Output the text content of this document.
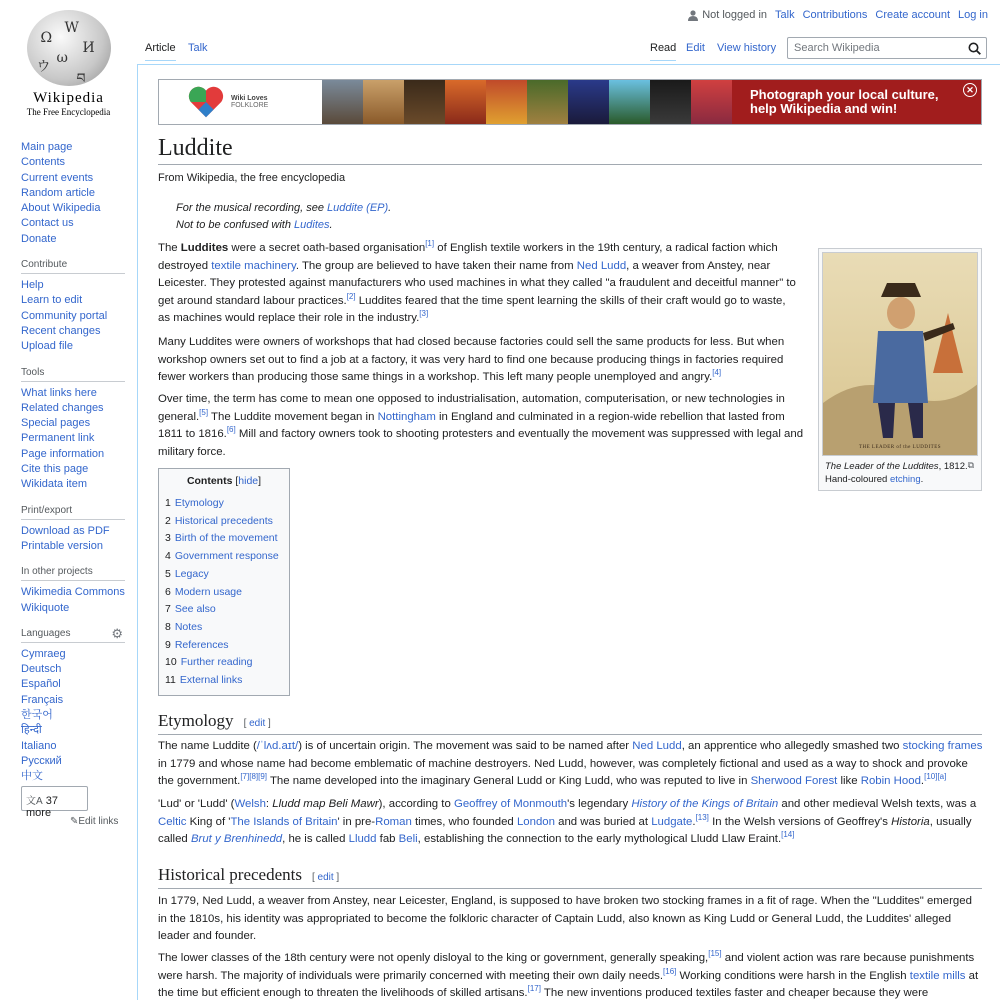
Not logged in Talk Contributions Create account Log in
Ω
W
И
ω
ウ
བ
Wikipedia
The Free Encyclopedia
Main page
Contents
Current events
Random article
About Wikipedia
Contact us
Donate
Contribute
Help
Learn to edit
Community portal
Recent changes
Upload file
Tools
What links here
Related changes
Special pages
Permanent link
Page information
Cite this page
Wikidata item
Print/export
Download as PDF
Printable version
In other projects
Wikimedia Commons
Wikiquote
Languages	⚙
Cymraeg
Deutsch
Español
Français
한국어
हिन्दी
Italiano
Русский
中文
文A 37 more
✎Edit links
Article Talk	Read Edit View history	Search Wikipedia
Wiki Loves
FOLKLORE
Photograph your local culture,
help Wikipedia and win!
✕
Luddite
From Wikipedia, the free encyclopedia
For the musical recording, see Luddite (EP).
Not to be confused with Ludites.

The Luddites were a secret oath-based organisation[1] of English textile workers in the 19th century, a radical faction which destroyed textile machinery. The group are believed to have taken their name from Ned Ludd, a weaver from Anstey, near Leicester. They protested against manufacturers who used machines in what they called "a fraudulent and deceitful manner" to get around standard labour practices.[2] Luddites feared that the time spent learning the skills of their craft would go to waste, as machines would replace their role in the industry.[3]

Many Luddites were owners of workshops that had closed because factories could sell the same products for less. But when workshop owners set out to find a job at a factory, it was very hard to find one because producing things in factories required fewer workers than producing those same things in a workshop. This left many people unemployed and angry.[4]

Over time, the term has come to mean one opposed to industrialisation, automation, computerisation, or new technologies in general.[5] The Luddite movement began in Nottingham in England and culminated in a region-wide rebellion that lasted from 1811 to 1816.[6] Mill and factory owners took to shooting protesters and eventually the movement was suppressed with legal and military force.	THE LEADER of the LUDDITES
The Leader of the Luddites, 1812. Hand-coloured etching.
⧉
Contents [hide]
1 Etymology
2 Historical precedents
3 Birth of the movement
4 Government response
5 Legacy
6 Modern usage
7 See also
8 Notes
9 References
10 Further reading
11 External links
Etymology [ edit ]

The name Luddite (/ˈlʌd.aɪt/) is of uncertain origin. The movement was said to be named after Ned Ludd, an apprentice who allegedly smashed two stocking frames in 1779 and whose name had become emblematic of machine destroyers. Ned Ludd, however, was completely fictional and used as a way to shock and provoke the government.[7][8][9] The name developed into the imaginary General Ludd or King Ludd, who was reputed to live in Sherwood Forest like Robin Hood.[10][a]

'Lud' or 'Ludd' (Welsh: Lludd map Beli Mawr), according to Geoffrey of Monmouth's legendary History of the Kings of Britain and other medieval Welsh texts, was a Celtic King of 'The Islands of Britain' in pre-Roman times, who founded London and was buried at Ludgate.[13] In the Welsh versions of Geoffrey's Historia, usually called Brut y Brenhinedd, he is called Lludd fab Beli, establishing the connection to the early mythological Lludd Llaw Eraint.[14]

Historical precedents [ edit ]

In 1779, Ned Ludd, a weaver from Anstey, near Leicester, England, is supposed to have broken two stocking frames in a fit of rage. When the "Luddites" emerged in the 1810s, his identity was appropriated to become the folkloric character of Captain Ludd, also known as King Ludd or General Ludd, the Luddites' alleged leader and founder.

The lower classes of the 18th century were not openly disloyal to the king or government, generally speaking,[15] and violent action was rare because punishments were harsh. The majority of individuals were primarily concerned with meeting their own daily needs.[16] Working conditions were harsh in the English textile mills at the time but efficient enough to threaten the livelihoods of skilled artisans.[17] The new inventions produced textiles faster and cheaper because they were
